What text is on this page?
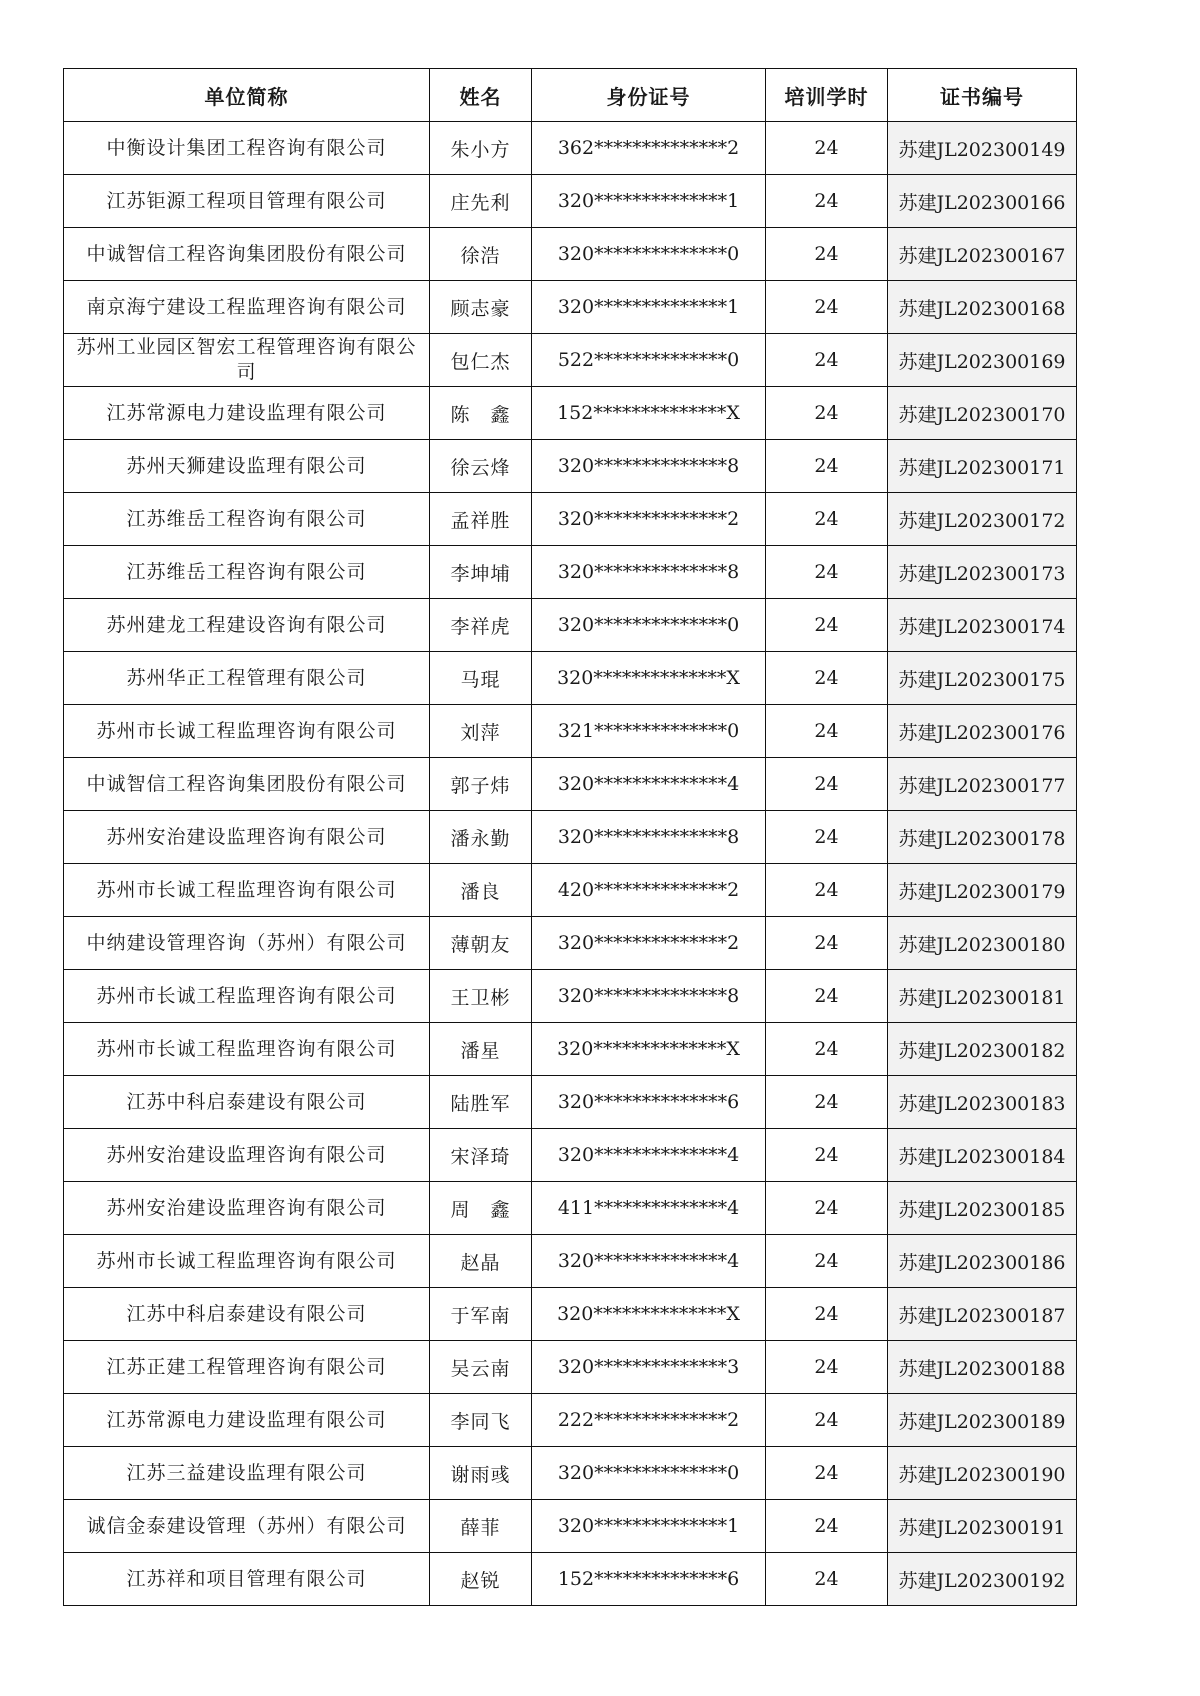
单位简称	姓名	身份证号	培训学时	证书编号
中衡设计集团工程咨询有限公司	朱小方	362**************2	24	苏建JL202300149
江苏钜源工程项目管理有限公司	庄先利	320**************1	24	苏建JL202300166
中诚智信工程咨询集团股份有限公司	徐浩	320**************0	24	苏建JL202300167
南京海宁建设工程监理咨询有限公司	顾志豪	320**************1	24	苏建JL202300168
苏州工业园区智宏工程管理咨询有限公司	包仁杰	522**************0	24	苏建JL202300169
江苏常源电力建设监理有限公司	陈　鑫	152**************X	24	苏建JL202300170
苏州天狮建设监理有限公司	徐云烽	320**************8	24	苏建JL202300171
江苏维岳工程咨询有限公司	孟祥胜	320**************2	24	苏建JL202300172
江苏维岳工程咨询有限公司	李坤埔	320**************8	24	苏建JL202300173
苏州建龙工程建设咨询有限公司	李祥虎	320**************0	24	苏建JL202300174
苏州华正工程管理有限公司	马琨	320**************X	24	苏建JL202300175
苏州市长诚工程监理咨询有限公司	刘萍	321**************0	24	苏建JL202300176
中诚智信工程咨询集团股份有限公司	郭子炜	320**************4	24	苏建JL202300177
苏州安治建设监理咨询有限公司	潘永勤	320**************8	24	苏建JL202300178
苏州市长诚工程监理咨询有限公司	潘良	420**************2	24	苏建JL202300179
中纳建设管理咨询（苏州）有限公司	薄朝友	320**************2	24	苏建JL202300180
苏州市长诚工程监理咨询有限公司	王卫彬	320**************8	24	苏建JL202300181
苏州市长诚工程监理咨询有限公司	潘星	320**************X	24	苏建JL202300182
江苏中科启泰建设有限公司	陆胜军	320**************6	24	苏建JL202300183
苏州安治建设监理咨询有限公司	宋泽琦	320**************4	24	苏建JL202300184
苏州安治建设监理咨询有限公司	周　鑫	411**************4	24	苏建JL202300185
苏州市长诚工程监理咨询有限公司	赵晶	320**************4	24	苏建JL202300186
江苏中科启泰建设有限公司	于军南	320**************X	24	苏建JL202300187
江苏正建工程管理咨询有限公司	吴云南	320**************3	24	苏建JL202300188
江苏常源电力建设监理有限公司	李同飞	222**************2	24	苏建JL202300189
江苏三益建设监理有限公司	谢雨彧	320**************0	24	苏建JL202300190
诚信金泰建设管理（苏州）有限公司	薛菲	320**************1	24	苏建JL202300191
江苏祥和项目管理有限公司	赵锐	152**************6	24	苏建JL202300192
